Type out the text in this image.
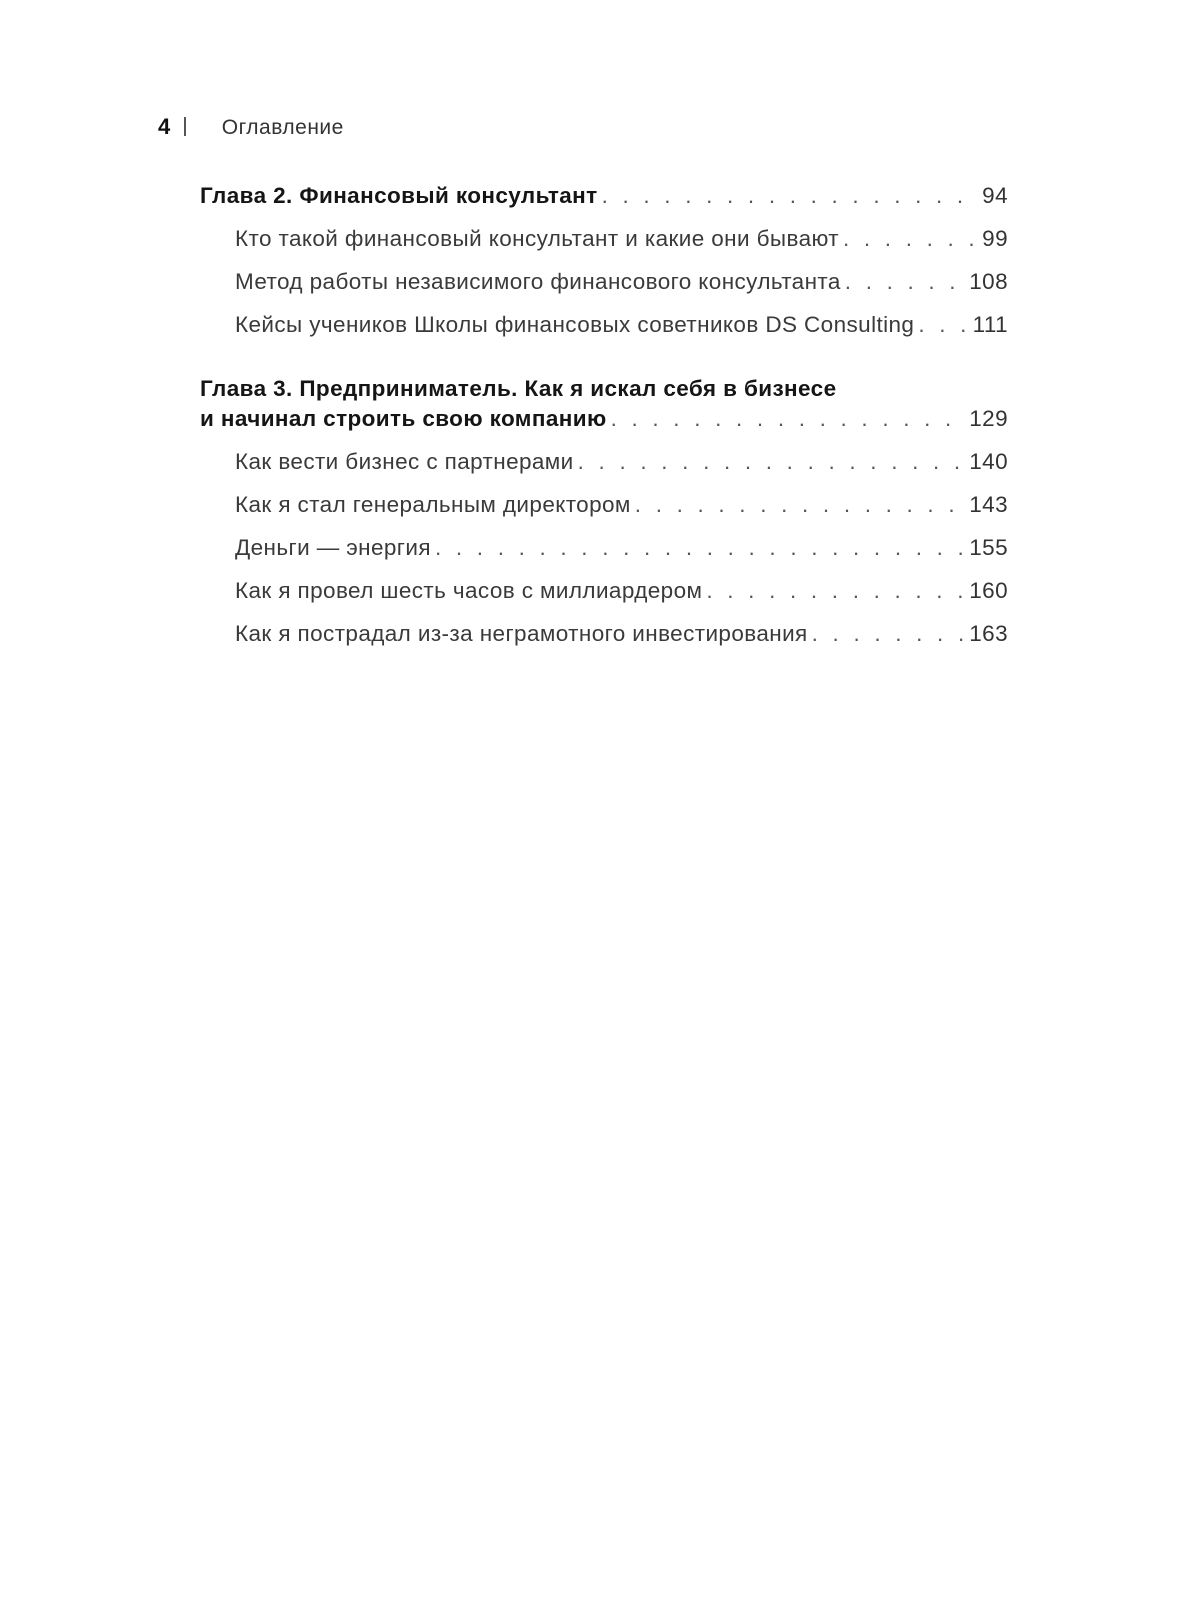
4 Оглавление
Глава 2. Финансовый консультант . . .	94
Кто такой финансовый консультант и какие они бывают . . .	99
Метод работы независимого финансового консультанта . . .	108
Кейсы учеников Школы финансовых советников DS Consulting . . .	111
Глава 3. Предприниматель. Как я искал себя в бизнесе
и начинал строить свою компанию . . .	129
Как вести бизнес с партнерами . . .	140
Как я стал генеральным директором . . .	143
Деньги — энергия . . .	155
Как я провел шесть часов с миллиардером . . .	160
Как я пострадал из-за неграмотного инвестирования . . .	163
